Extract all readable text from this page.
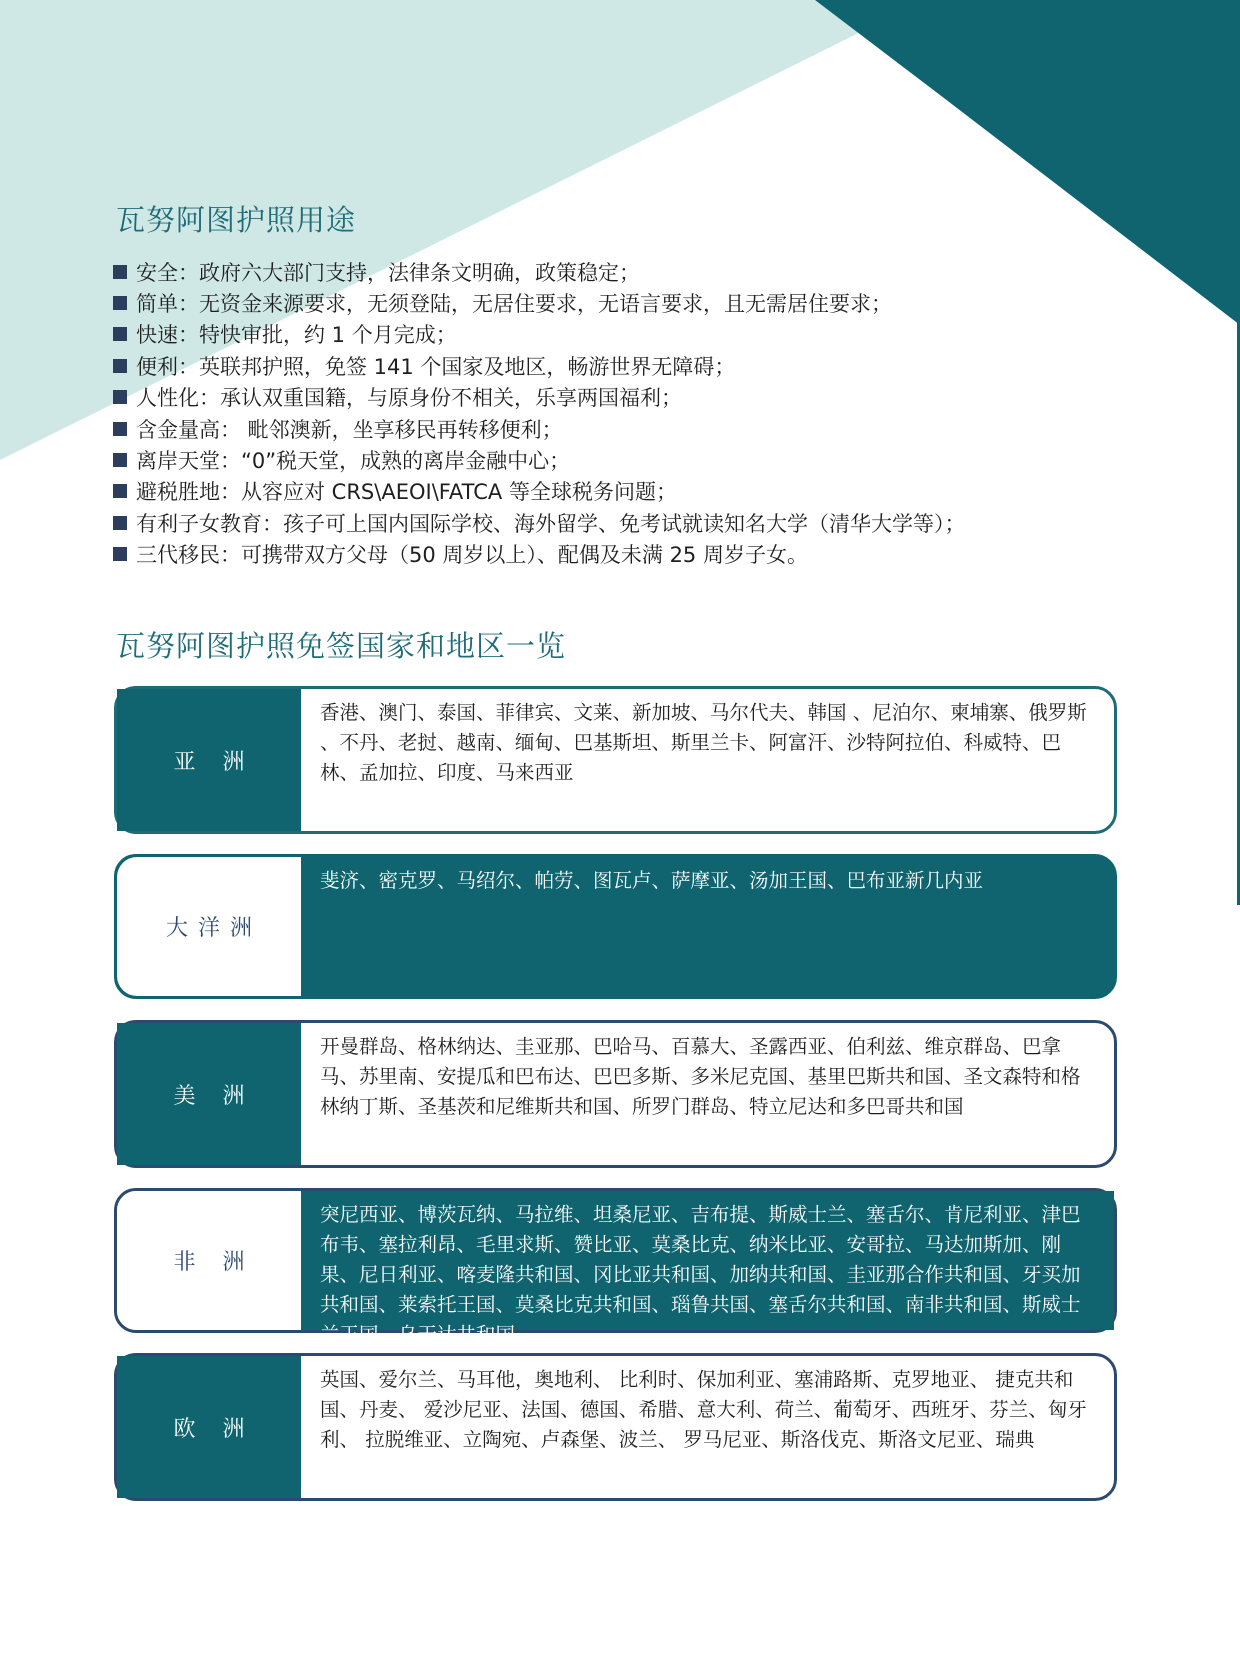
瓦努阿图护照用途
安全：政府六大部门支持，法律条文明确，政策稳定；
简单：无资金来源要求，无须登陆，无居住要求，无语言要求，且无需居住要求；
快速：特快审批，约 1 个月完成；
便利：英联邦护照，免签 141 个国家及地区，畅游世界无障碍；
人性化：承认双重国籍，与原身份不相关，乐享两国福利；
含金量高： 毗邻澳新，坐享移民再转移便利；
离岸天堂：“0”税天堂，成熟的离岸金融中心；
避税胜地：从容应对 CRS\AEOI\FATCA 等全球税务问题；
有利子女教育：孩子可上国内国际学校、海外留学、免考试就读知名大学（清华大学等）；
三代移民：可携带双方父母（50 周岁以上）、配偶及未满 25 周岁子女。
瓦努阿图护照免签国家和地区一览
亚 洲
香港、澳门、泰国、菲律宾、文莱、新加坡、马尔代夫、韩国 、尼泊尔、柬埔寨、俄罗斯 、不丹、老挝、越南、缅甸、巴基斯坦、斯里兰卡、阿富汗、沙特阿拉伯、科威特、巴林、孟加拉、印度、马来西亚
大洋洲
斐济、密克罗、马绍尔、帕劳、图瓦卢、萨摩亚、汤加王国、巴布亚新几内亚
美 洲
开曼群岛、格林纳达、圭亚那、巴哈马、百慕大、圣露西亚、伯利兹、维京群岛、巴拿马、苏里南、安提瓜和巴布达、巴巴多斯、多米尼克国、基里巴斯共和国、圣文森特和格林纳丁斯、圣基茨和尼维斯共和国、所罗门群岛、特立尼达和多巴哥共和国
非 洲
突尼西亚、博茨瓦纳、马拉维、坦桑尼亚、吉布提、斯威士兰、塞舌尔、肯尼利亚、津巴布韦、塞拉利昂、毛里求斯、赞比亚、莫桑比克、纳米比亚、安哥拉、马达加斯加、刚果、尼日利亚、喀麦隆共和国、冈比亚共和国、加纳共和国、圭亚那合作共和国、牙买加共和国、莱索托王国、莫桑比克共和国、瑙鲁共国、塞舌尔共和国、南非共和国、斯威士兰王国、乌干达共和国
欧 洲
英国、爱尔兰、马耳他，奥地利、 比利时、保加利亚、塞浦路斯、克罗地亚、 捷克共和国、丹麦、 爱沙尼亚、法国、德国、希腊、意大利、荷兰、葡萄牙、西班牙、芬兰、匈牙利、 拉脱维亚、立陶宛、卢森堡、波兰、 罗马尼亚、斯洛伐克、斯洛文尼亚、瑞典
